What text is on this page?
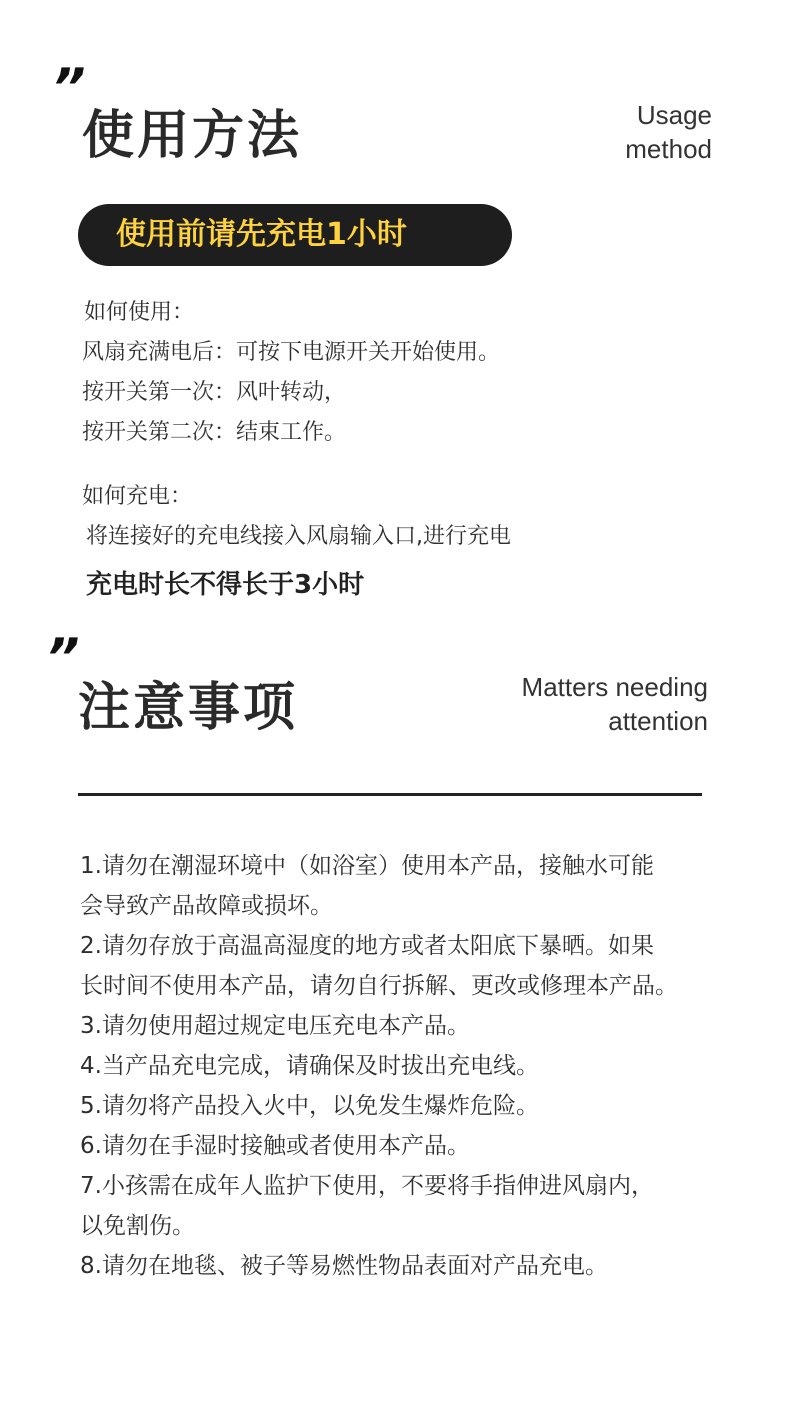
”
使用方法	Usage
method
使用前请先充电1小时
如何使用：
风扇充满电后：可按下电源开关开始使用。
按开关第一次：风叶转动，
按开关第二次：结束工作。
如何充电：
将连接好的充电线接入风扇输入口,进行充电
充电时长不得长于3小时
”
注意事项	Matters needing
attention
1.请勿在潮湿环境中（如浴室）使用本产品，接触水可能
会导致产品故障或损坏。
2.请勿存放于高温高湿度的地方或者太阳底下暴晒。如果
长时间不使用本产品，请勿自行拆解、更改或修理本产品。
3.请勿使用超过规定电压充电本产品。
4.当产品充电完成，请确保及时拔出充电线。
5.请勿将产品投入火中，以免发生爆炸危险。
6.请勿在手湿时接触或者使用本产品。
7.小孩需在成年人监护下使用，不要将手指伸进风扇内，
以免割伤。
8.请勿在地毯、被子等易燃性物品表面对产品充电。
